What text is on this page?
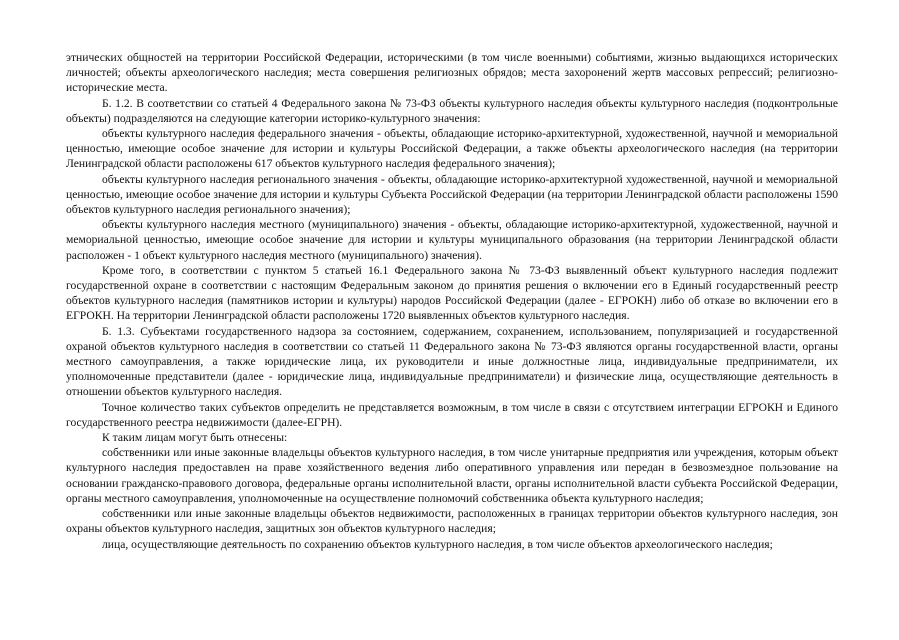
этнических общностей на территории Российской Федерации, историческими (в том числе военными) событиями, жизнью выдающихся исторических личностей; объекты археологического наследия; места совершения религиозных обрядов; места захоронений жертв массовых репрессий; религиозно-исторические места.

Б. 1.2. В соответствии со статьей 4 Федерального закона № 73-ФЗ объекты культурного наследия объекты культурного наследия (подконтрольные объекты) подразделяются на следующие категории историко-культурного значения:

объекты культурного наследия федерального значения - объекты, обладающие историко-архитектурной, художественной, научной и мемориальной ценностью, имеющие особое значение для истории и культуры Российской Федерации, а также объекты археологического наследия (на территории Ленинградской области расположены 617 объектов культурного наследия федерального значения);

объекты культурного наследия регионального значения - объекты, обладающие историко-архитектурной художественной, научной и мемориальной ценностью, имеющие особое значение для истории и культуры Субъекта Российской Федерации (на территории Ленинградской области расположены 1590 объектов культурного наследия регионального значения);

объекты культурного наследия местного (муниципального) значения - объекты, обладающие историко-архитектурной, художественной, научной и мемориальной ценностью, имеющие особое значение для истории и культуры муниципального образования (на территории Ленинградской области расположен - 1 объект культурного наследия местного (муниципального) значения).

Кроме того, в соответствии с пунктом 5 статьей 16.1 Федерального закона № 73-ФЗ выявленный объект культурного наследия подлежит государственной охране в соответствии с настоящим Федеральным законом до принятия решения о включении его в Единый государственный реестр объектов культурного наследия (памятников истории и культуры) народов Российской Федерации (далее - ЕГРОКН) либо об отказе во включении его в ЕГРОКН. На территории Ленинградской области расположены 1720 выявленных объектов культурного наследия.

Б. 1.3. Субъектами государственного надзора за состоянием, содержанием, сохранением, использованием, популяризацией и государственной охраной объектов культурного наследия в соответствии со статьей 11 Федерального закона № 73-ФЗ являются органы государственной власти, органы местного самоуправления, а также юридические лица, их руководители и иные должностные лица, индивидуальные предприниматели, их уполномоченные представители (далее - юридические лица, индивидуальные предприниматели) и физические лица, осуществляющие деятельность в отношении объектов культурного наследия.

Точное количество таких субъектов определить не представляется возможным, в том числе в связи с отсутствием интеграции ЕГРОКН и Единого государственного реестра недвижимости (далее-ЕГРН).

К таким лицам могут быть отнесены:

собственники или иные законные владельцы объектов культурного наследия, в том числе унитарные предприятия или учреждения, которым объект культурного наследия предоставлен на праве хозяйственного ведения либо оперативного управления или передан в безвозмездное пользование на основании гражданско-правового договора, федеральные органы исполнительной власти, органы исполнительной власти субъекта Российской Федерации, органы местного самоуправления, уполномоченные на осуществление полномочий собственника объекта культурного наследия;

собственники или иные законные владельцы объектов недвижимости, расположенных в границах территории объектов культурного наследия, зон охраны объектов культурного наследия, защитных зон объектов культурного наследия;

лица, осуществляющие деятельность по сохранению объектов культурного наследия, в том числе объектов археологического наследия;
